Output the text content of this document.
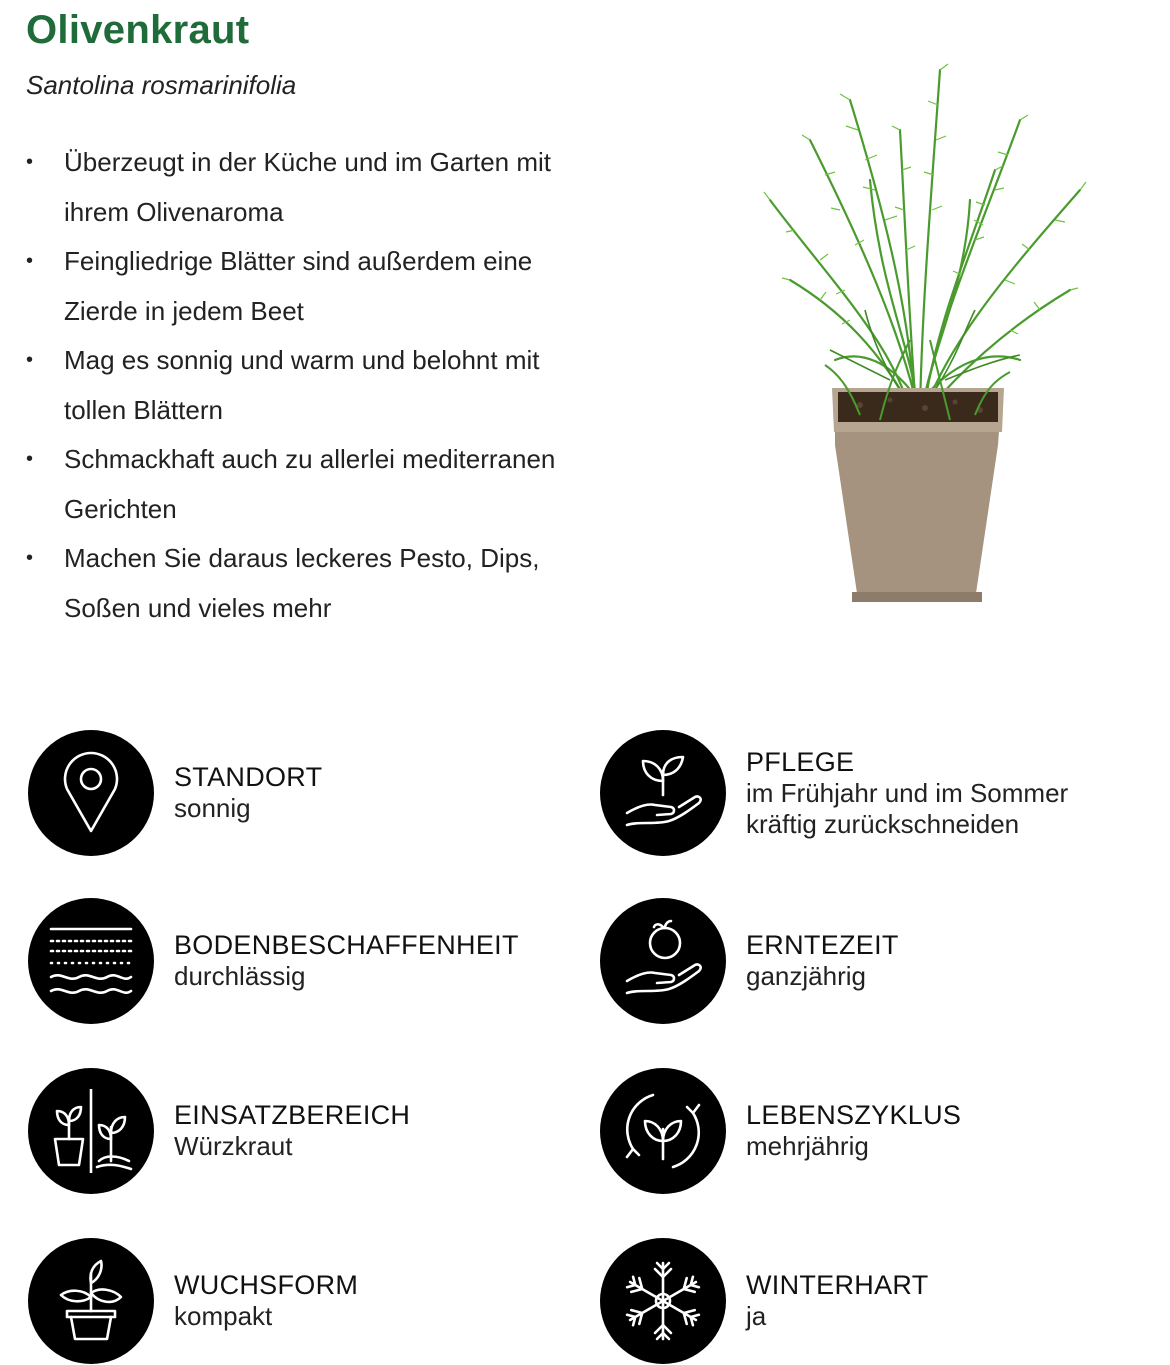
Olivenkraut
Santolina rosmarinifolia
• Überzeugt in der Küche und im Garten mit ihrem Olivenaroma
• Feingliedrige Blätter sind außerdem eine Zierde in jedem Beet
• Mag es sonnig und warm und belohnt mit tollen Blättern
• Schmackhaft auch zu allerlei mediterranen Gerichten
• Machen Sie daraus leckeres Pesto, Dips, Soßen und vieles mehr
STANDORT
sonnig
PFLEGE
im Frühjahr und im Sommer
kräftig zurückschneiden
BODENBESCHAFFENHEIT
durchlässig
ERNTEZEIT
ganzjährig
EINSATZBEREICH
Würzkraut
LEBENSZYKLUS
mehrjährig
WUCHSFORM
kompakt
WINTERHART
ja
